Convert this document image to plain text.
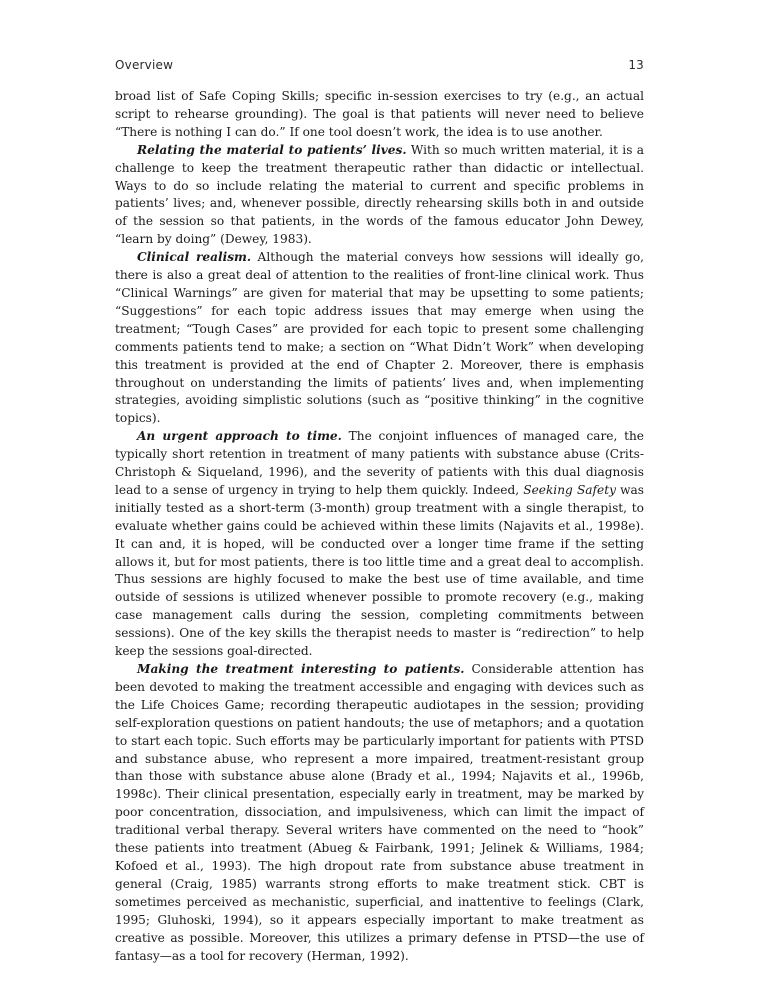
Overview	13

broad list of Safe Coping Skills; specific in-session exercises to try (e.g., an actual script to rehearse grounding). The goal is that patients will never need to believe “There is nothing I can do.” If one tool doesn’t work, the idea is to use another.

Relating the material to patients’ lives. With so much written material, it is a challenge to keep the treatment therapeutic rather than didactic or intellectual. Ways to do so include relating the material to current and specific problems in patients’ lives; and, whenever possible, directly rehearsing skills both in and outside of the session so that patients, in the words of the famous educator John Dewey, “learn by doing” (Dewey, 1983).

Clinical realism. Although the material conveys how sessions will ideally go, there is also a great deal of attention to the realities of front-line clinical work. Thus “Clinical Warnings” are given for material that may be upsetting to some patients; “Suggestions” for each topic address issues that may emerge when using the treatment; “Tough Cases” are provided for each topic to present some challenging comments patients tend to make; a section on “What Didn’t Work” when developing this treatment is provided at the end of Chapter 2. Moreover, there is emphasis throughout on understanding the limits of patients’ lives and, when implementing strategies, avoiding simplistic solutions (such as “positive thinking” in the cognitive topics).

An urgent approach to time. The conjoint influences of managed care, the typically short retention in treatment of many patients with substance abuse (Crits-Christoph & Siqueland, 1996), and the severity of patients with this dual diagnosis lead to a sense of urgency in trying to help them quickly. Indeed, Seeking Safety was initially tested as a short-term (3-month) group treatment with a single therapist, to evaluate whether gains could be achieved within these limits (Najavits et al., 1998e). It can and, it is hoped, will be conducted over a longer time frame if the setting allows it, but for most patients, there is too little time and a great deal to accomplish. Thus sessions are highly focused to make the best use of time available, and time outside of sessions is utilized whenever possible to promote recovery (e.g., making case management calls during the session, completing commitments between sessions). One of the key skills the therapist needs to master is “redirection” to help keep the sessions goal-directed.

Making the treatment interesting to patients. Considerable attention has been devoted to making the treatment accessible and engaging with devices such as the Life Choices Game; recording therapeutic audiotapes in the session; providing self-exploration questions on patient handouts; the use of metaphors; and a quotation to start each topic. Such efforts may be particularly important for patients with PTSD and substance abuse, who represent a more impaired, treatment-resistant group than those with substance abuse alone (Brady et al., 1994; Najavits et al., 1996b, 1998c). Their clinical presentation, especially early in treatment, may be marked by poor concentration, dissociation, and impulsiveness, which can limit the impact of traditional verbal therapy. Several writers have commented on the need to “hook” these patients into treatment (Abueg & Fairbank, 1991; Jelinek & Williams, 1984; Kofoed et al., 1993). The high dropout rate from substance abuse treatment in general (Craig, 1985) warrants strong efforts to make treatment stick. CBT is sometimes perceived as mechanistic, superficial, and inattentive to feelings (Clark, 1995; Gluhoski, 1994), so it appears especially important to make treatment as creative as possible. Moreover, this utilizes a primary defense in PTSD—the use of fantasy—as a tool for recovery (Herman, 1992).
